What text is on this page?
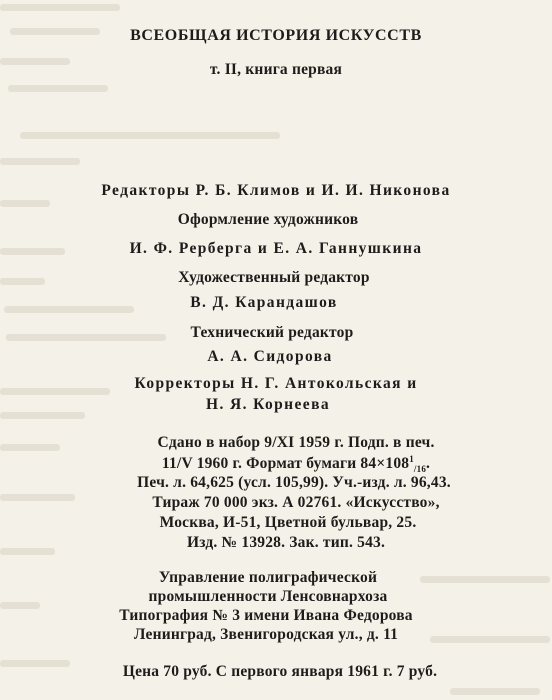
ВСЕОБЩАЯ ИСТОРИЯ ИСКУССТВ
т. II, книга первая
Редакторы Р. Б. Климов и И. И. Никонова
Оформление художников
И. Ф. Рерберга и Е. А. Ганнушкина
Художественный редактор
В. Д. Карандашов
Технический редактор
А. А. Сидорова
Корректоры Н. Г. Антокольская и
Н. Я. Корнеева
Сдано в набор 9/XI 1959 г. Подп. в печ.
11/V 1960 г. Формат бумаги $84\times 108^1_{/16}$.
Печ. л. 64,625 (усл. 105,99). Уч.-изд. л. 96,43.
Тираж 70 000 экз. А 02761. «Искусство»,
Москва, И-51, Цветной бульвар, 25.
Изд. № 13928. Зак. тип. 543.
Управление полиграфической
промышленности Ленсовнархоза
Типография № 3 имени Ивана Федорова
Ленинград, Звенигородская ул., д. 11
Цена 70 руб. С первого января 1961 г. 7 руб.
